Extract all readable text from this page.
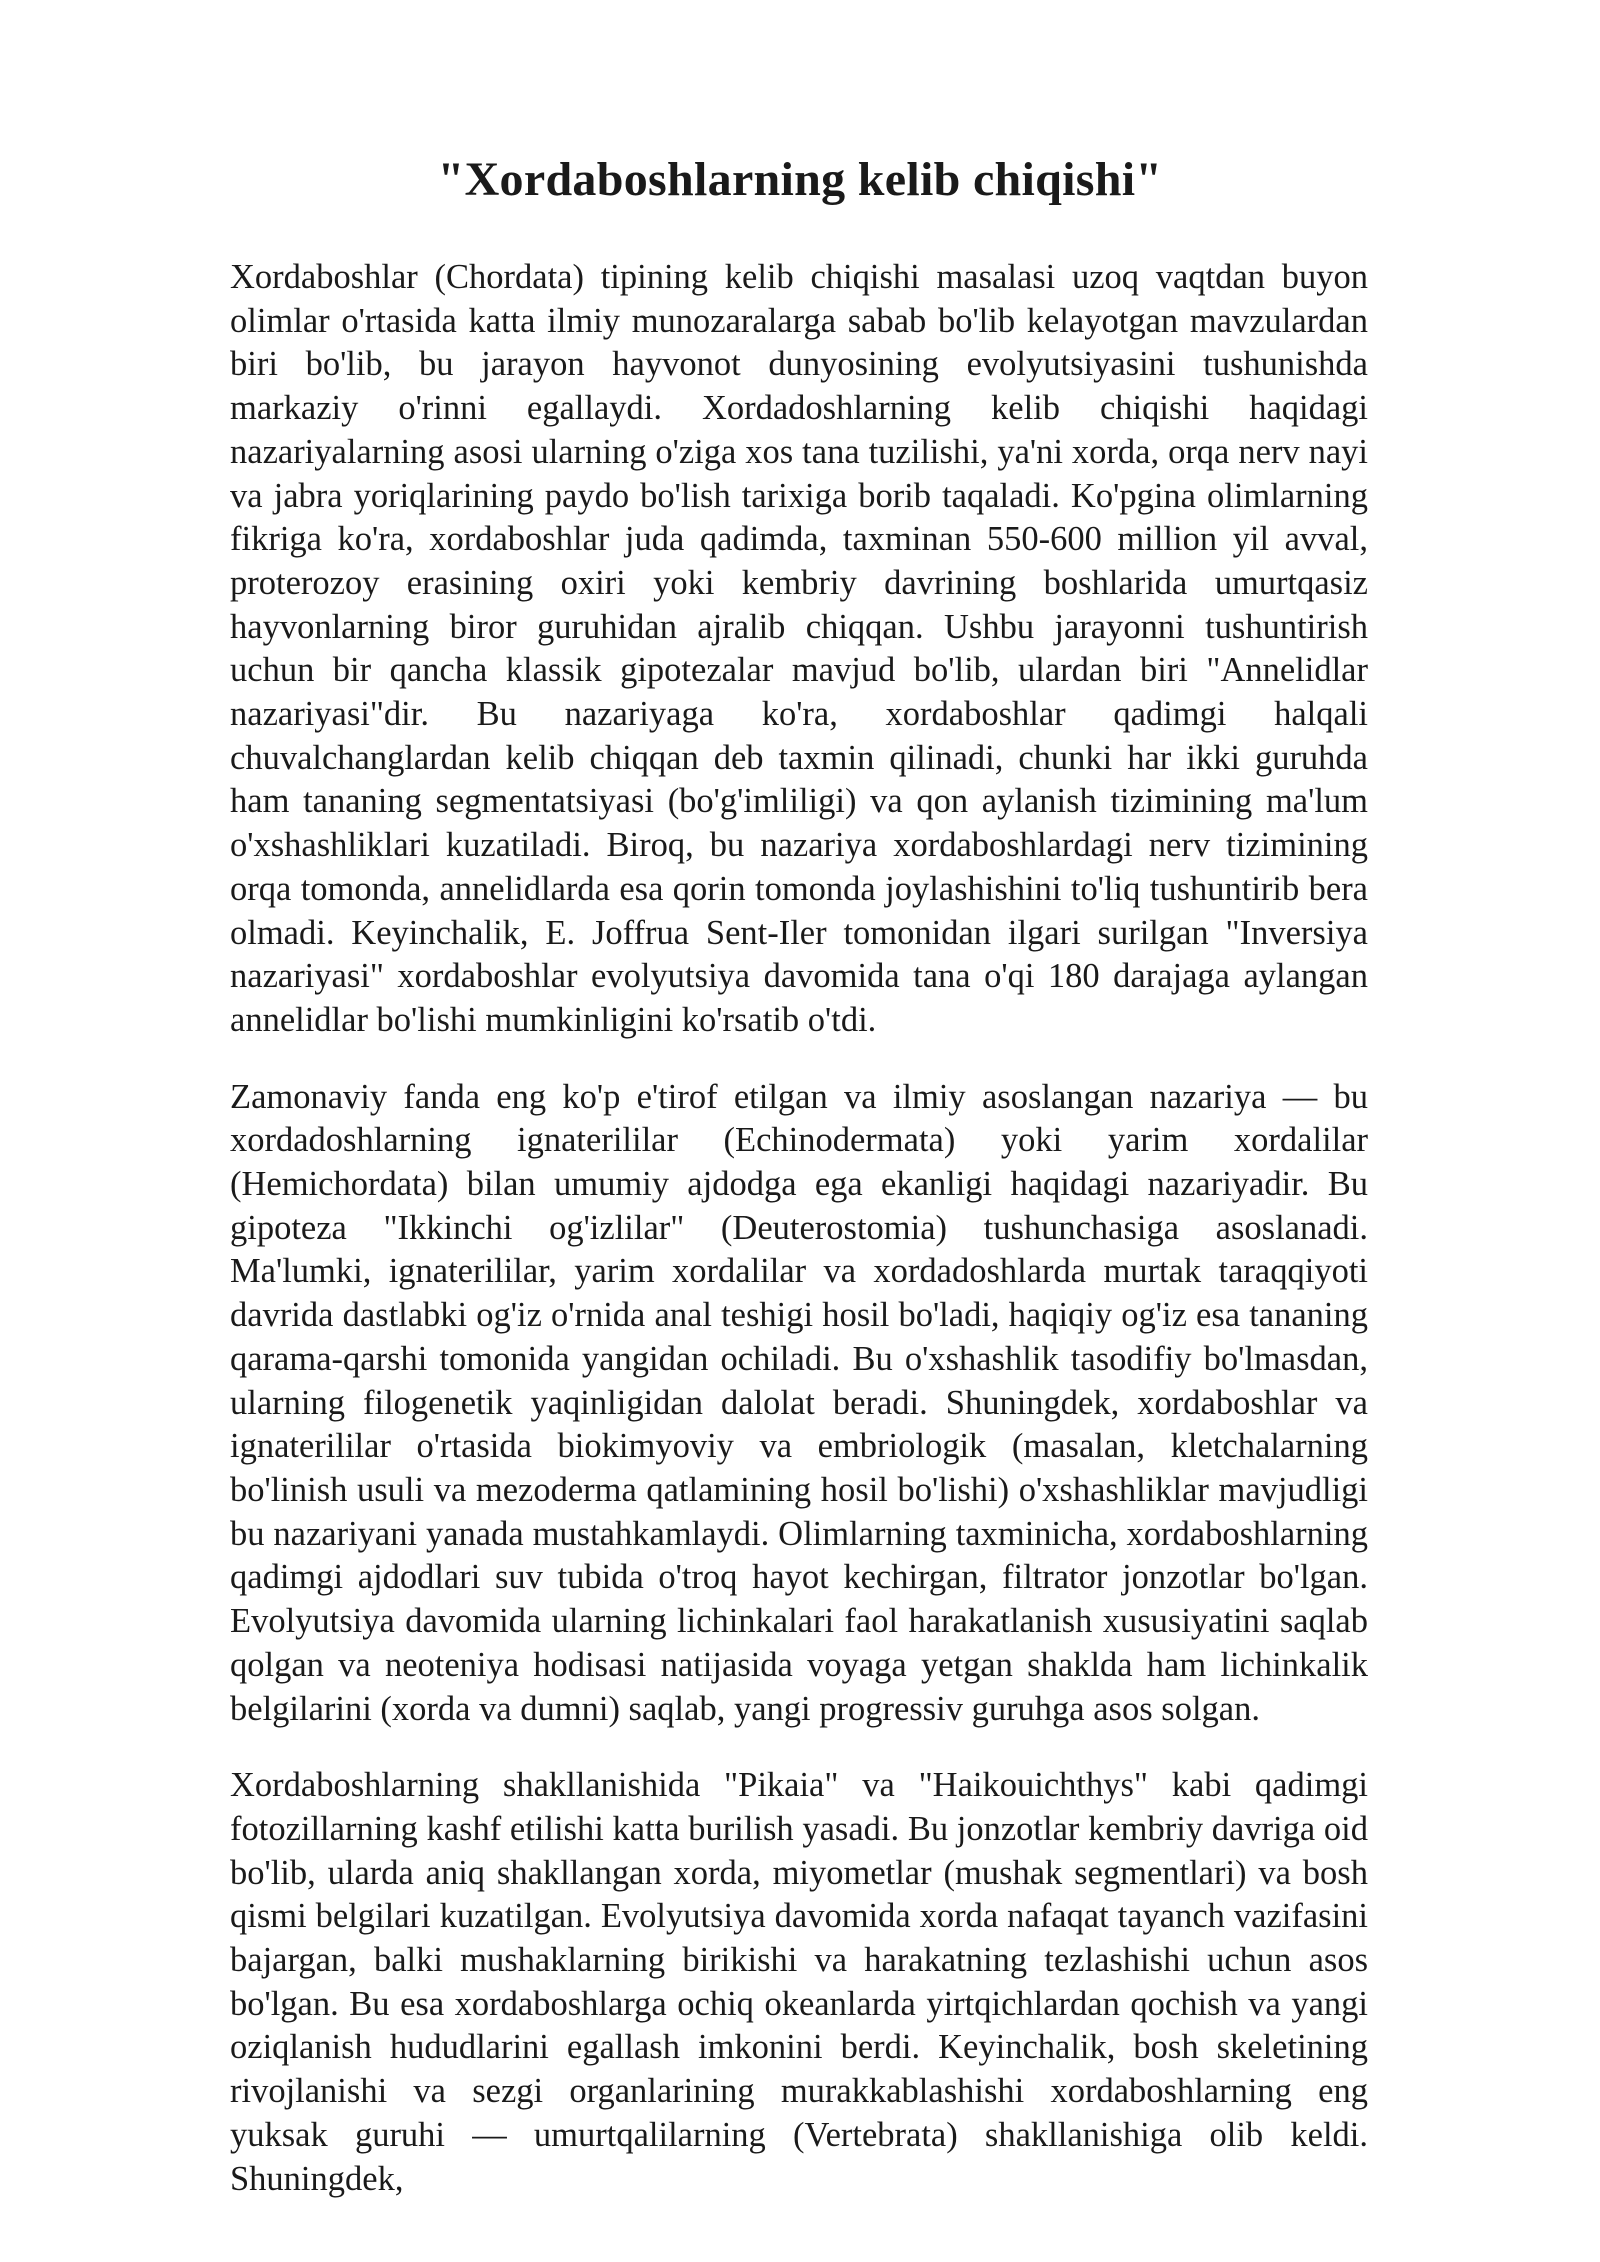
"Xordaboshlarning kelib chiqishi"

Xordaboshlar (Chordata) tipining kelib chiqishi masalasi uzoq vaqtdan buyon olimlar o'rtasida katta ilmiy munozaralarga sabab bo'lib kelayotgan mavzulardan biri bo'lib, bu jarayon hayvonot dunyosining evolyutsiyasini tushunishda markaziy o'rinni egallaydi. Xordadoshlarning kelib chiqishi haqidagi nazariyalarning asosi ularning o'ziga xos tana tuzilishi, ya'ni xorda, orqa nerv nayi va jabra yoriqlarining paydo bo'lish tarixiga borib taqaladi. Ko'pgina olimlarning fikriga ko'ra, xordaboshlar juda qadimda, taxminan 550-600 million yil avval, proterozoy erasining oxiri yoki kembriy davrining boshlarida umurtqasiz hayvonlarning biror guruhidan ajralib chiqqan. Ushbu jarayonni tushuntirish uchun bir qancha klassik gipotezalar mavjud bo'lib, ulardan biri "Annelidlar nazariyasi"dir. Bu nazariyaga ko'ra, xordaboshlar qadimgi halqali chuvalchanglardan kelib chiqqan deb taxmin qilinadi, chunki har ikki guruhda ham tananing segmentatsiyasi (bo'g'imliligi) va qon aylanish tizimining ma'lum o'xshashliklari kuzatiladi. Biroq, bu nazariya xordaboshlardagi nerv tizimining orqa tomonda, annelidlarda esa qorin tomonda joylashishini to'liq tushuntirib bera olmadi. Keyinchalik, E. Joffrua Sent-Iler tomonidan ilgari surilgan "Inversiya nazariyasi" xordaboshlar evolyutsiya davomida tana o'qi 180 darajaga aylangan annelidlar bo'lishi mumkinligini ko'rsatib o'tdi.

Zamonaviy fanda eng ko'p e'tirof etilgan va ilmiy asoslangan nazariya — bu xordadoshlarning ignaterililar (Echinodermata) yoki yarim xordalilar (Hemichordata) bilan umumiy ajdodga ega ekanligi haqidagi nazariyadir. Bu gipoteza "Ikkinchi og'izlilar" (Deuterostomia) tushunchasiga asoslanadi. Ma'lumki, ignaterililar, yarim xordalilar va xordadoshlarda murtak taraqqiyoti davrida dastlabki og'iz o'rnida anal teshigi hosil bo'ladi, haqiqiy og'iz esa tananing qarama-qarshi tomonida yangidan ochiladi. Bu o'xshashlik tasodifiy bo'lmasdan, ularning filogenetik yaqinligidan dalolat beradi. Shuningdek, xordaboshlar va ignaterililar o'rtasida biokimyoviy va embriologik (masalan, kletchalarning bo'linish usuli va mezoderma qatlamining hosil bo'lishi) o'xshashliklar mavjudligi bu nazariyani yanada mustahkamlaydi. Olimlarning taxminicha, xordaboshlarning qadimgi ajdodlari suv tubida o'troq hayot kechirgan, filtrator jonzotlar bo'lgan. Evolyutsiya davomida ularning lichinkalari faol harakatlanish xususiyatini saqlab qolgan va neoteniya hodisasi natijasida voyaga yetgan shaklda ham lichinkalik belgilarini (xorda va dumni) saqlab, yangi progressiv guruhga asos solgan.

Xordaboshlarning shakllanishida "Pikaia" va "Haikouichthys" kabi qadimgi fotozillarning kashf etilishi katta burilish yasadi. Bu jonzotlar kembriy davriga oid bo'lib, ularda aniq shakllangan xorda, miyometlar (mushak segmentlari) va bosh qismi belgilari kuzatilgan. Evolyutsiya davomida xorda nafaqat tayanch vazifasini bajargan, balki mushaklarning birikishi va harakatning tezlashishi uchun asos bo'lgan. Bu esa xordaboshlarga ochiq okeanlarda yirtqichlardan qochish va yangi oziqlanish hududlarini egallash imkonini berdi. Keyinchalik, bosh skeletining rivojlanishi va sezgi organlarining murakkablashishi xordaboshlarning eng yuksak guruhi — umurtqalilarning (Vertebrata) shakllanishiga olib keldi. Shuningdek,
